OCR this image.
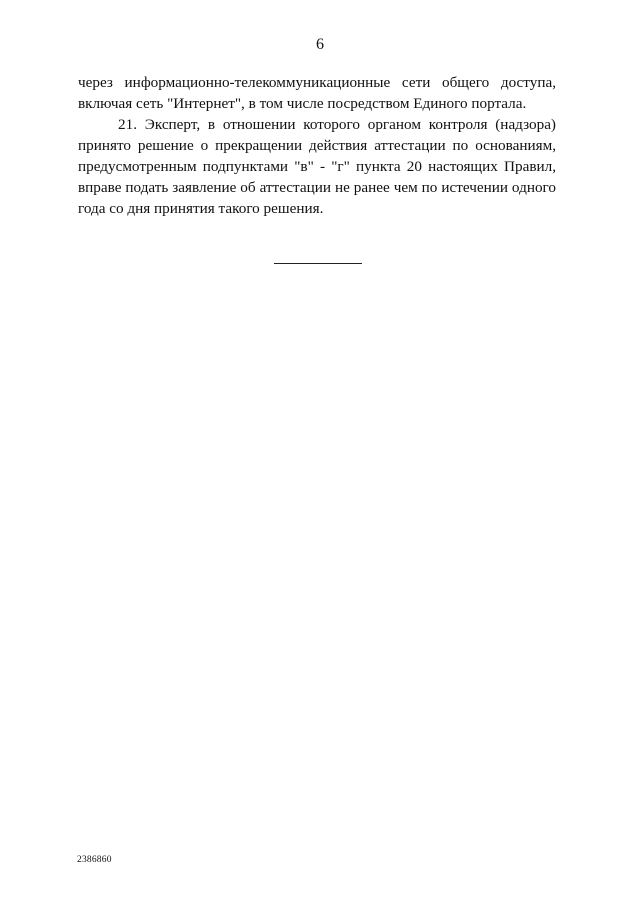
6

через информационно-телекоммуникационные сети общего доступа, включая сеть "Интернет", в том числе посредством Единого портала.

21. Эксперт, в отношении которого органом контроля (надзора) принято решение о прекращении действия аттестации по основаниям, предусмотренным подпунктами "в" - "г" пункта 20 настоящих Правил, вправе подать заявление об аттестации не ранее чем по истечении одного года со дня принятия такого решения.

2386860
